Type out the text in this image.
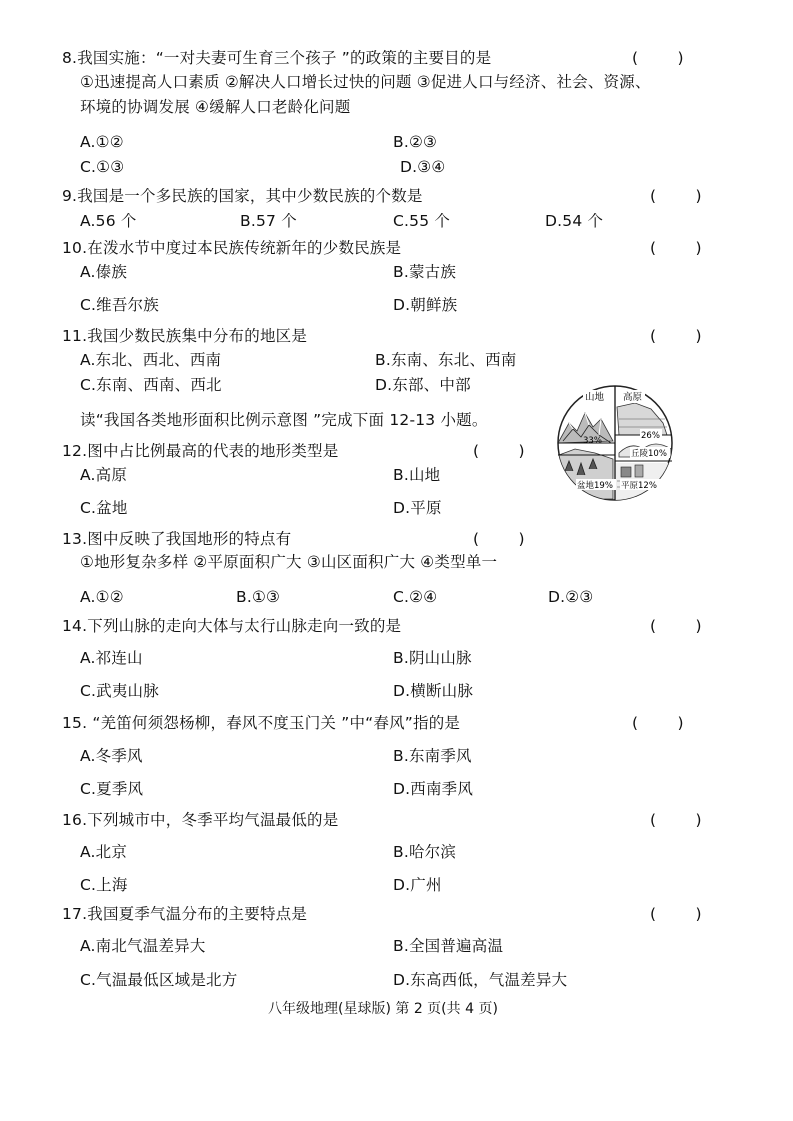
8.我国实施：“一对夫妻可生育三个孩子 ”的政策的主要目的是	(        )
①迅速提高人口素质 ②解决人口增长过快的问题 ③促进人口与经济、社会、资源、
环境的协调发展 ④缓解人口老龄化问题
A.①②	B.②③
C.①③	D.③④
9.我国是一个多民族的国家，其中少数民族的个数是	(        )
A.56 个	B.57 个	C.55 个	D.54 个
10.在泼水节中度过本民族传统新年的少数民族是	(        )
A.傣族	B.蒙古族
C.维吾尔族	D.朝鲜族
11.我国少数民族集中分布的地区是	(        )
A.东北、西北、西南	B.东南、东北、西南
C.东南、西南、西北	D.东部、中部
读“我国各类地形面积比例示意图 ”完成下面 12-13 小题。
山地 高原
33%	26%
丘陵10%
盆地19% 平原12%
12.图中占比例最高的代表的地形类型是	(        )
A.高原	B.山地
C.盆地	D.平原
13.图中反映了我国地形的特点有	(        )
①地形复杂多样 ②平原面积广大 ③山区面积广大 ④类型单一
A.①②	B.①③	C.②④	D.②③
14.下列山脉的走向大体与太行山脉走向一致的是	(        )
A.祁连山	B.阴山山脉
C.武夷山脉	D.横断山脉
15. “羌笛何须怨杨柳，春风不度玉门关 ”中“春风”指的是	(        )
A.冬季风	B.东南季风
C.夏季风	D.西南季风
16.下列城市中，冬季平均气温最低的是	(        )
A.北京	B.哈尔滨
C.上海	D.广州
17.我国夏季气温分布的主要特点是	(        )
A.南北气温差异大	B.全国普遍高温
C.气温最低区域是北方	D.东高西低，气温差异大
八年级地理(星球版) 第 2 页(共 4 页)
